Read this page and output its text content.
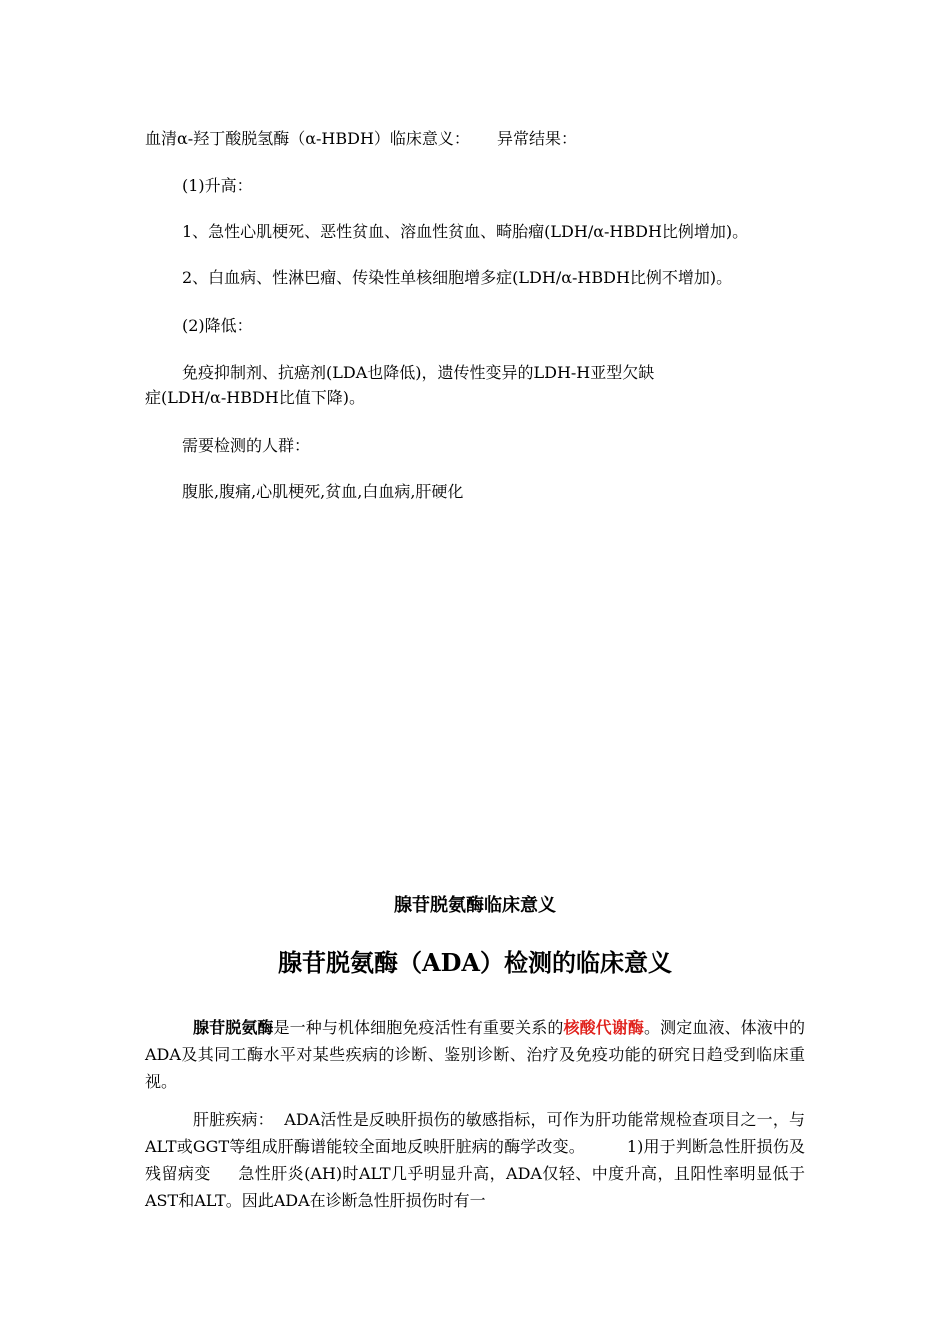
血清α-羟丁酸脱氢酶（α-HBDH）临床意义： 异常结果：
(1)升高：
1、急性心肌梗死、恶性贫血、溶血性贫血、畸胎瘤(LDH/α-HBDH比例增加)。
2、白血病、性淋巴瘤、传染性单核细胞增多症(LDH/α-HBDH比例不增加)。
(2)降低：
免疫抑制剂、抗癌剂(LDA也降低)，遗传性变异的LDH-H亚型欠缺
症(LDH/α-HBDH比值下降)。
需要检测的人群：
腹胀,腹痛,心肌梗死,贫血,白血病,肝硬化
腺苷脱氨酶临床意义
腺苷脱氨酶（ADA）检测的临床意义
腺苷脱氨酶是一种与机体细胞免疫活性有重要关系的核酸代谢酶。测定血液、体液中的ADA及其同工酶水平对某些疾病的诊断、鉴别诊断、治疗及免疫功能的研究日趋受到临床重视。
肝脏疾病：  ADA活性是反映肝损伤的敏感指标，可作为肝功能常规检查项目之一，与ALT或GGT等组成肝酶谱能较全面地反映肝脏病的酶学改变。        1)用于判断急性肝损伤及残留病变     急性肝炎(AH)时ALT几乎明显升高，ADA仅轻、中度升高，且阳性率明显低于AST和ALT。因此ADA在诊断急性肝损伤时有一
